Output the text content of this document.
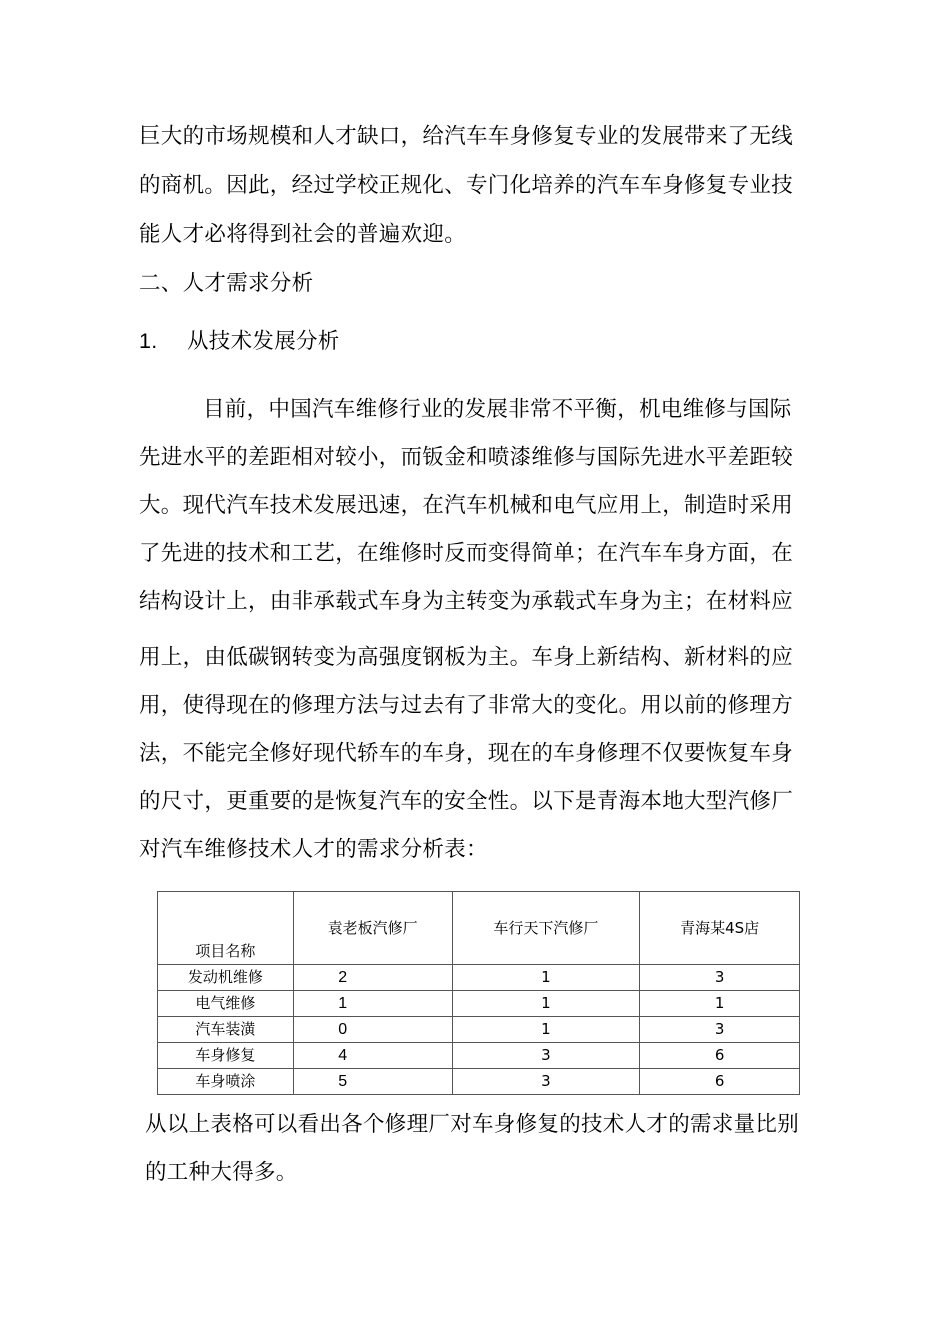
巨大的市场规模和人才缺口，给汽车车身修复专业的发展带来了无线

的商机。因此，经过学校正规化、专门化培养的汽车车身修复专业技

能人才必将得到社会的普遍欢迎。

二、人才需求分析

1. 从技术发展分析

目前，中国汽车维修行业的发展非常不平衡，机电维修与国际

先进水平的差距相对较小，而钣金和喷漆维修与国际先进水平差距较

大。现代汽车技术发展迅速，在汽车机械和电气应用上，制造时采用

了先进的技术和工艺，在维修时反而变得简单；在汽车车身方面，在

结构设计上，由非承载式车身为主转变为承载式车身为主；在材料应

用上，由低碳钢转变为高强度钢板为主。车身上新结构、新材料的应

用，使得现在的修理方法与过去有了非常大的变化。用以前的修理方

法，不能完全修好现代轿车的车身，现在的车身修理不仅要恢复车身

的尺寸，更重要的是恢复汽车的安全性。以下是青海本地大型汽修厂

对汽车维修技术人才的需求分析表：

项目名称	袁老板汽修厂	车行天下汽修厂	青海某4S店
发动机维修	2	1	3
电气维修	1	1	1
汽车装潢	0	1	3
车身修复	4	3	6
车身喷涂	5	3	6

从以上表格可以看出各个修理厂对车身修复的技术人才的需求量比别

的工种大得多。
